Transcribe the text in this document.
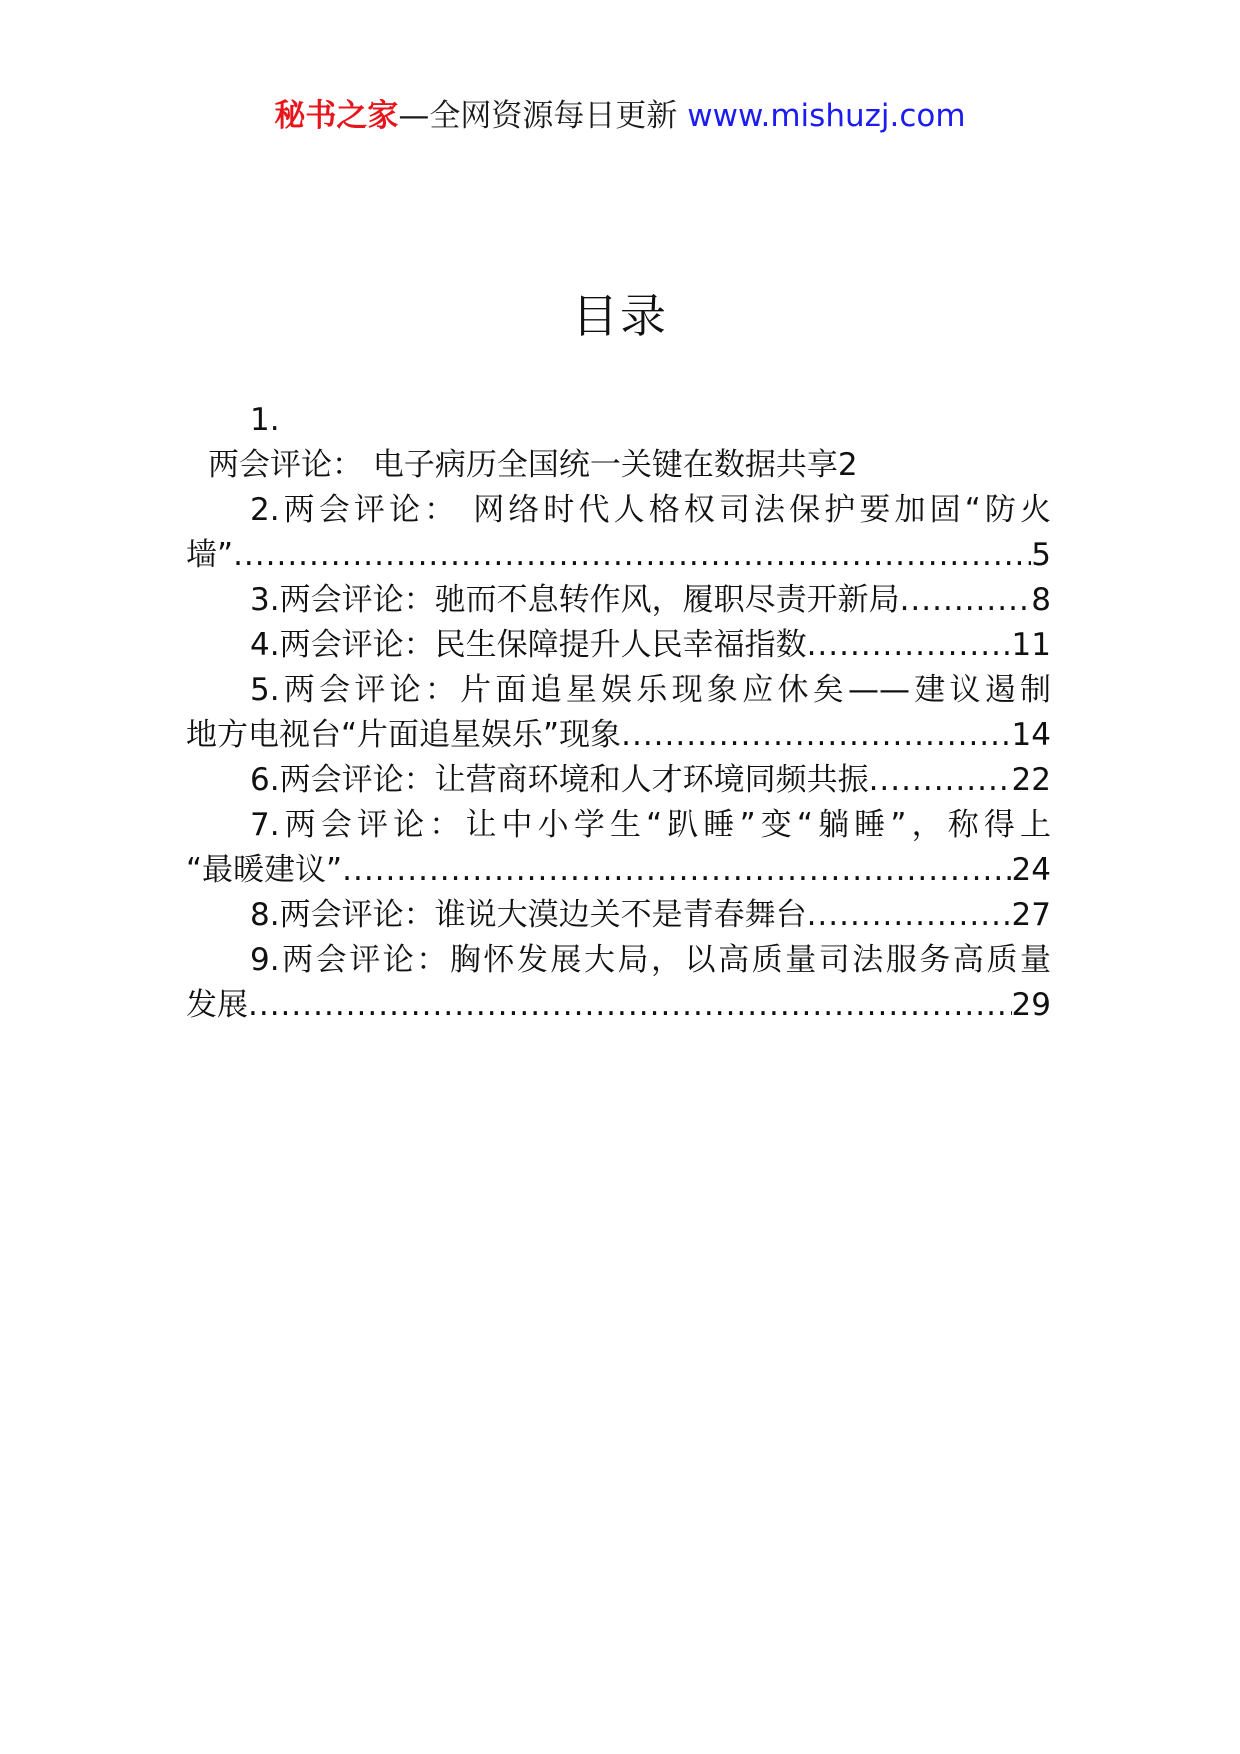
秘书之家—全网资源每日更新 www.mishuzj.com
目录
1.
两会评论： 电子病历全国统一关键在数据共享2
2.两会评论： 网络时代人格权司法保护要加固“防火
墙” .....	5
3.两会评论：驰而不息转作风，履职尽责开新局 .....	8
4.两会评论：民生保障提升人民幸福指数 .....	11
5.两会评论：片面追星娱乐现象应休矣——建议遏制
地方电视台“片面追星娱乐”现象 .....	14
6.两会评论：让营商环境和人才环境同频共振 .....	22
7.两会评论：让中小学生“趴睡”变“躺睡”，称得上
“最暖建议” .....	24
8.两会评论：谁说大漠边关不是青春舞台 .....	27
9.两会评论：胸怀发展大局，以高质量司法服务高质量
发展 .....	29
